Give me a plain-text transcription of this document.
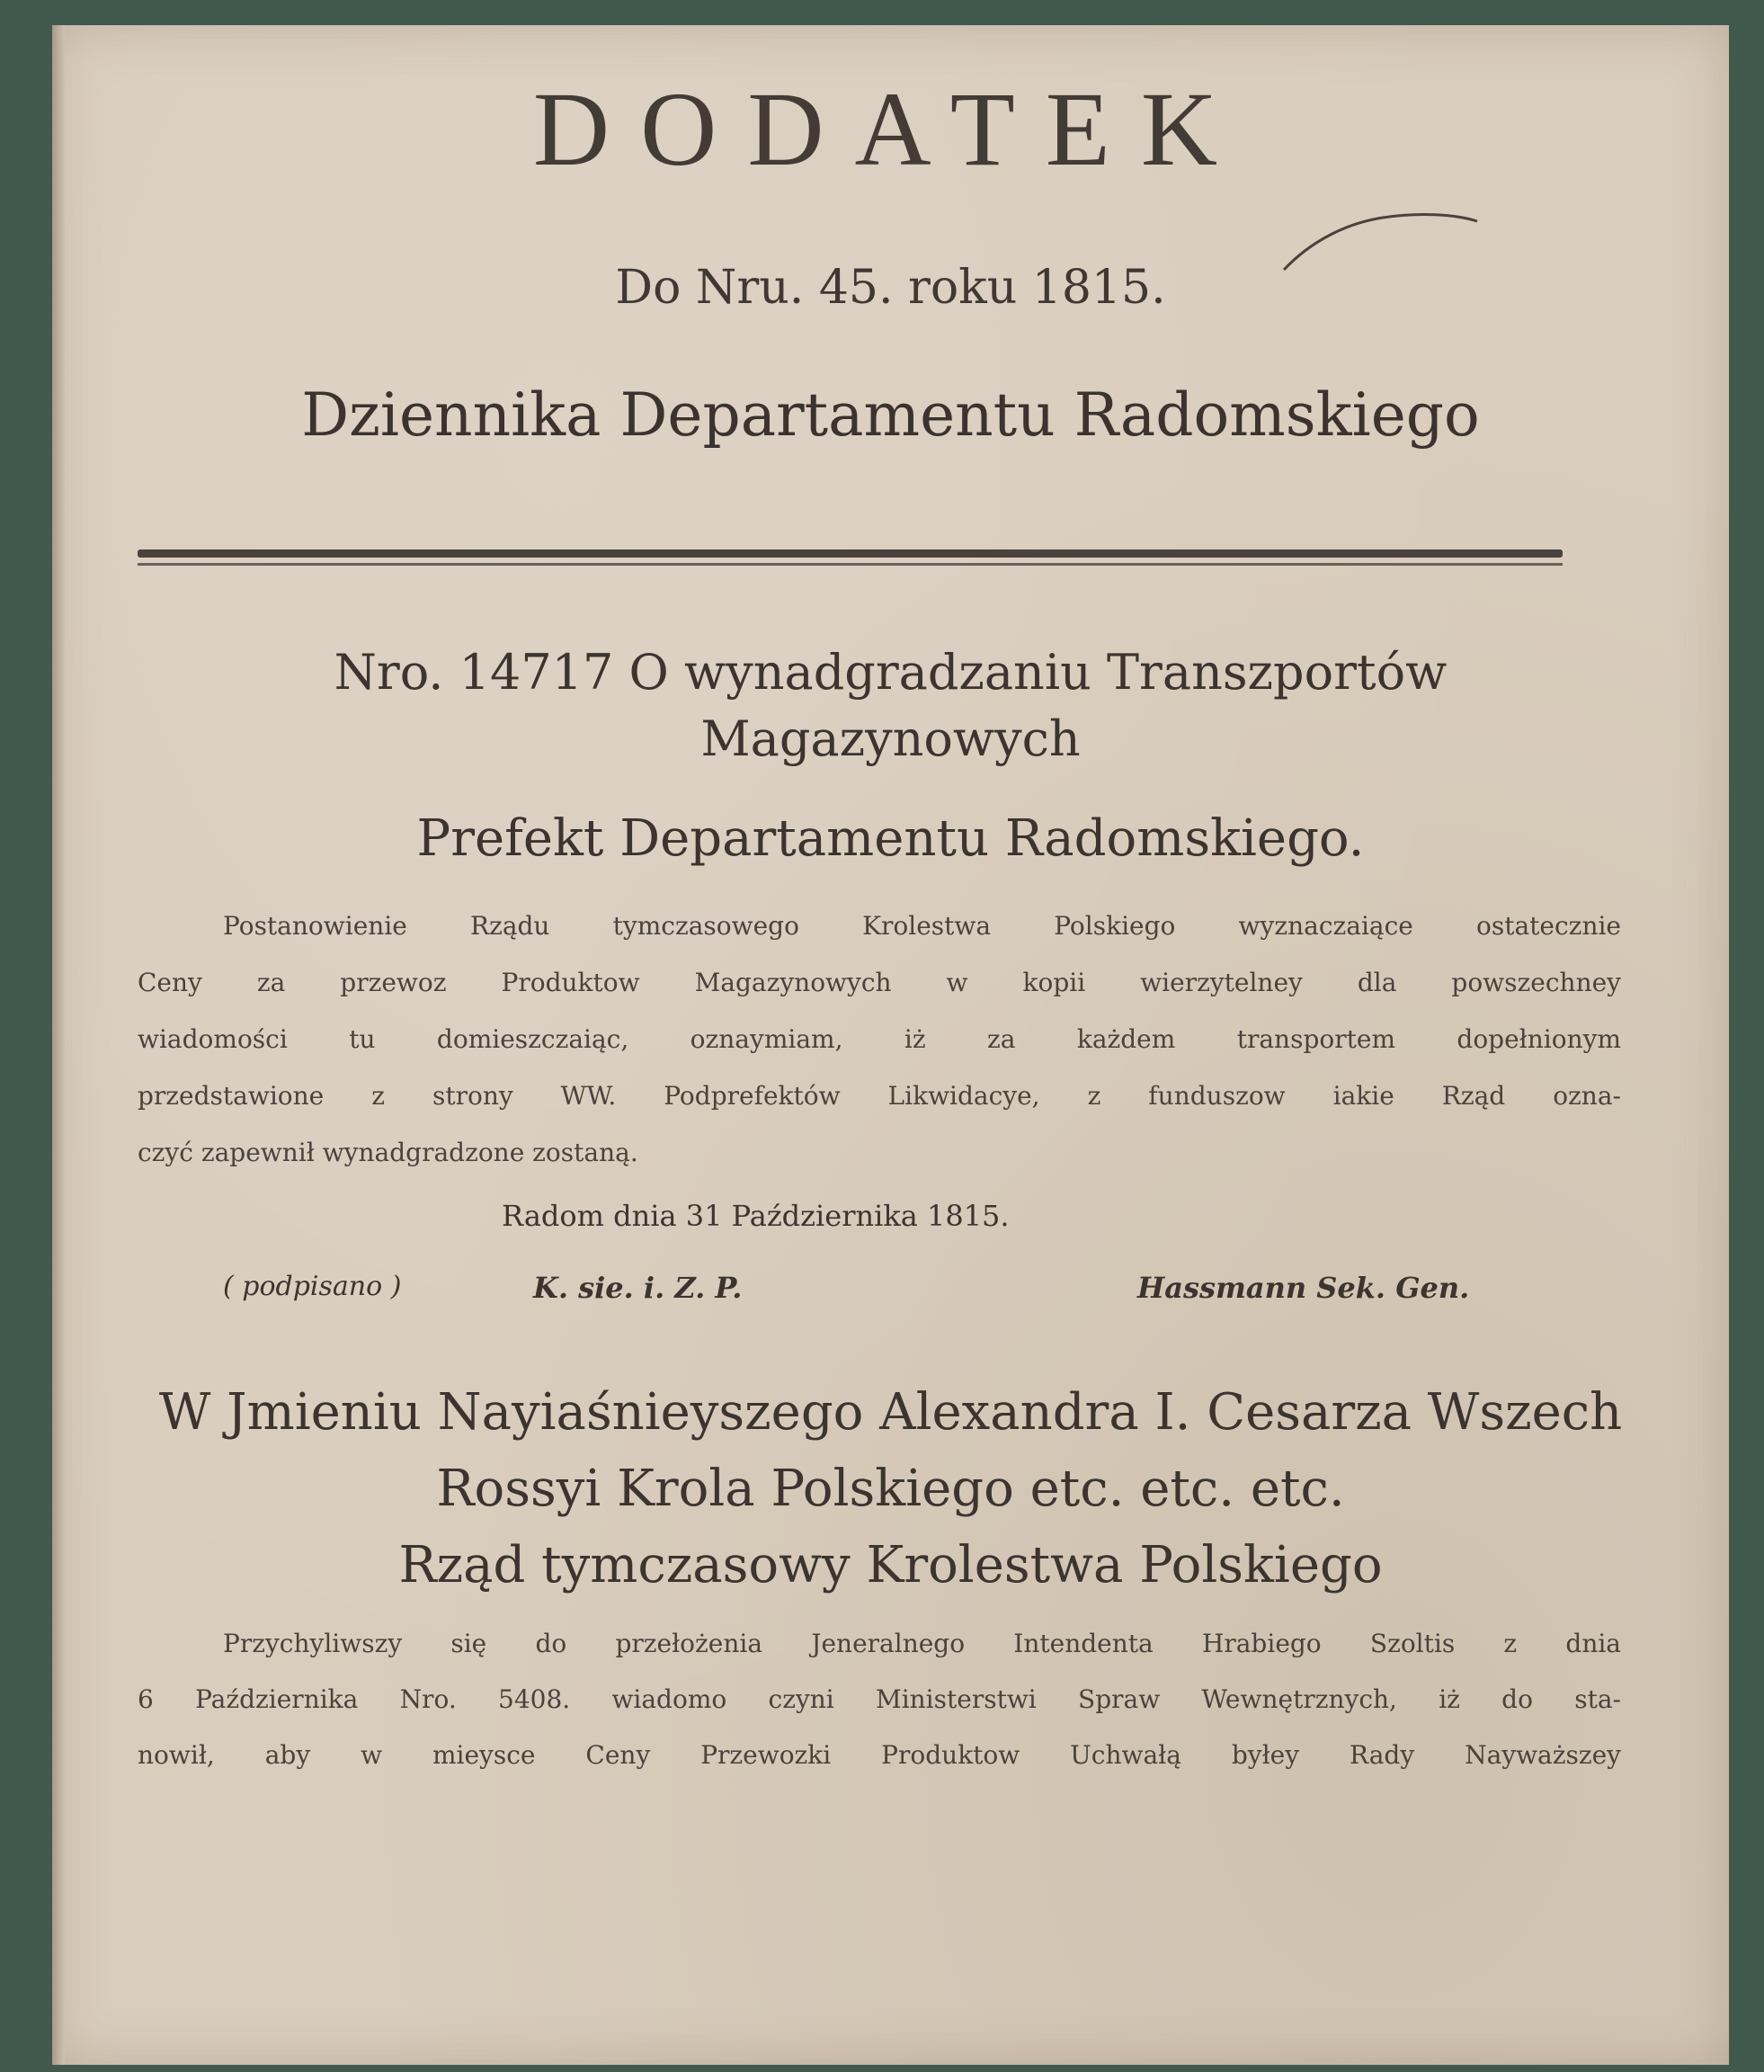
DODATEK
Do Nru. 45. roku 1815.
Dziennika Departamentu Radomskiego
Nro. 14717 O wynadgradzaniu Transzportów
Magazynowych
Prefekt Departamentu Radomskiego.
Postanowienie Rządu tymczasowego Krolestwa Polskiego wyznaczaiące ostatecznie
Ceny za przewoz Produktow Magazynowych w kopii wierzytelney dla powszechney
wiadomości tu domieszczaiąc, oznaymiam, iż za każdem transportem dopełnionym
przedstawione z strony WW. Podprefektów Likwidacye, z funduszow iakie Rząd ozna-
czyć zapewnił wynadgradzone zostaną.
Radom dnia 31 Października 1815.
( podpisano )	K. sie. i. Z. P.	Hassmann Sek. Gen.
W Jmieniu Nayiaśnieyszego Alexandra I. Cesarza Wszech
Rossyi Krola Polskiego etc. etc. etc.
Rząd tymczasowy Krolestwa Polskiego
Przychyliwszy się do przełożenia Jeneralnego Intendenta Hrabiego Szoltis z dnia
6 Października Nro. 5408. wiadomo czyni Ministerstwi Spraw Wewnętrznych, iż do sta-
nowił, aby w mieysce Ceny Przewozki Produktow Uchwałą byłey Rady Nayważszey
